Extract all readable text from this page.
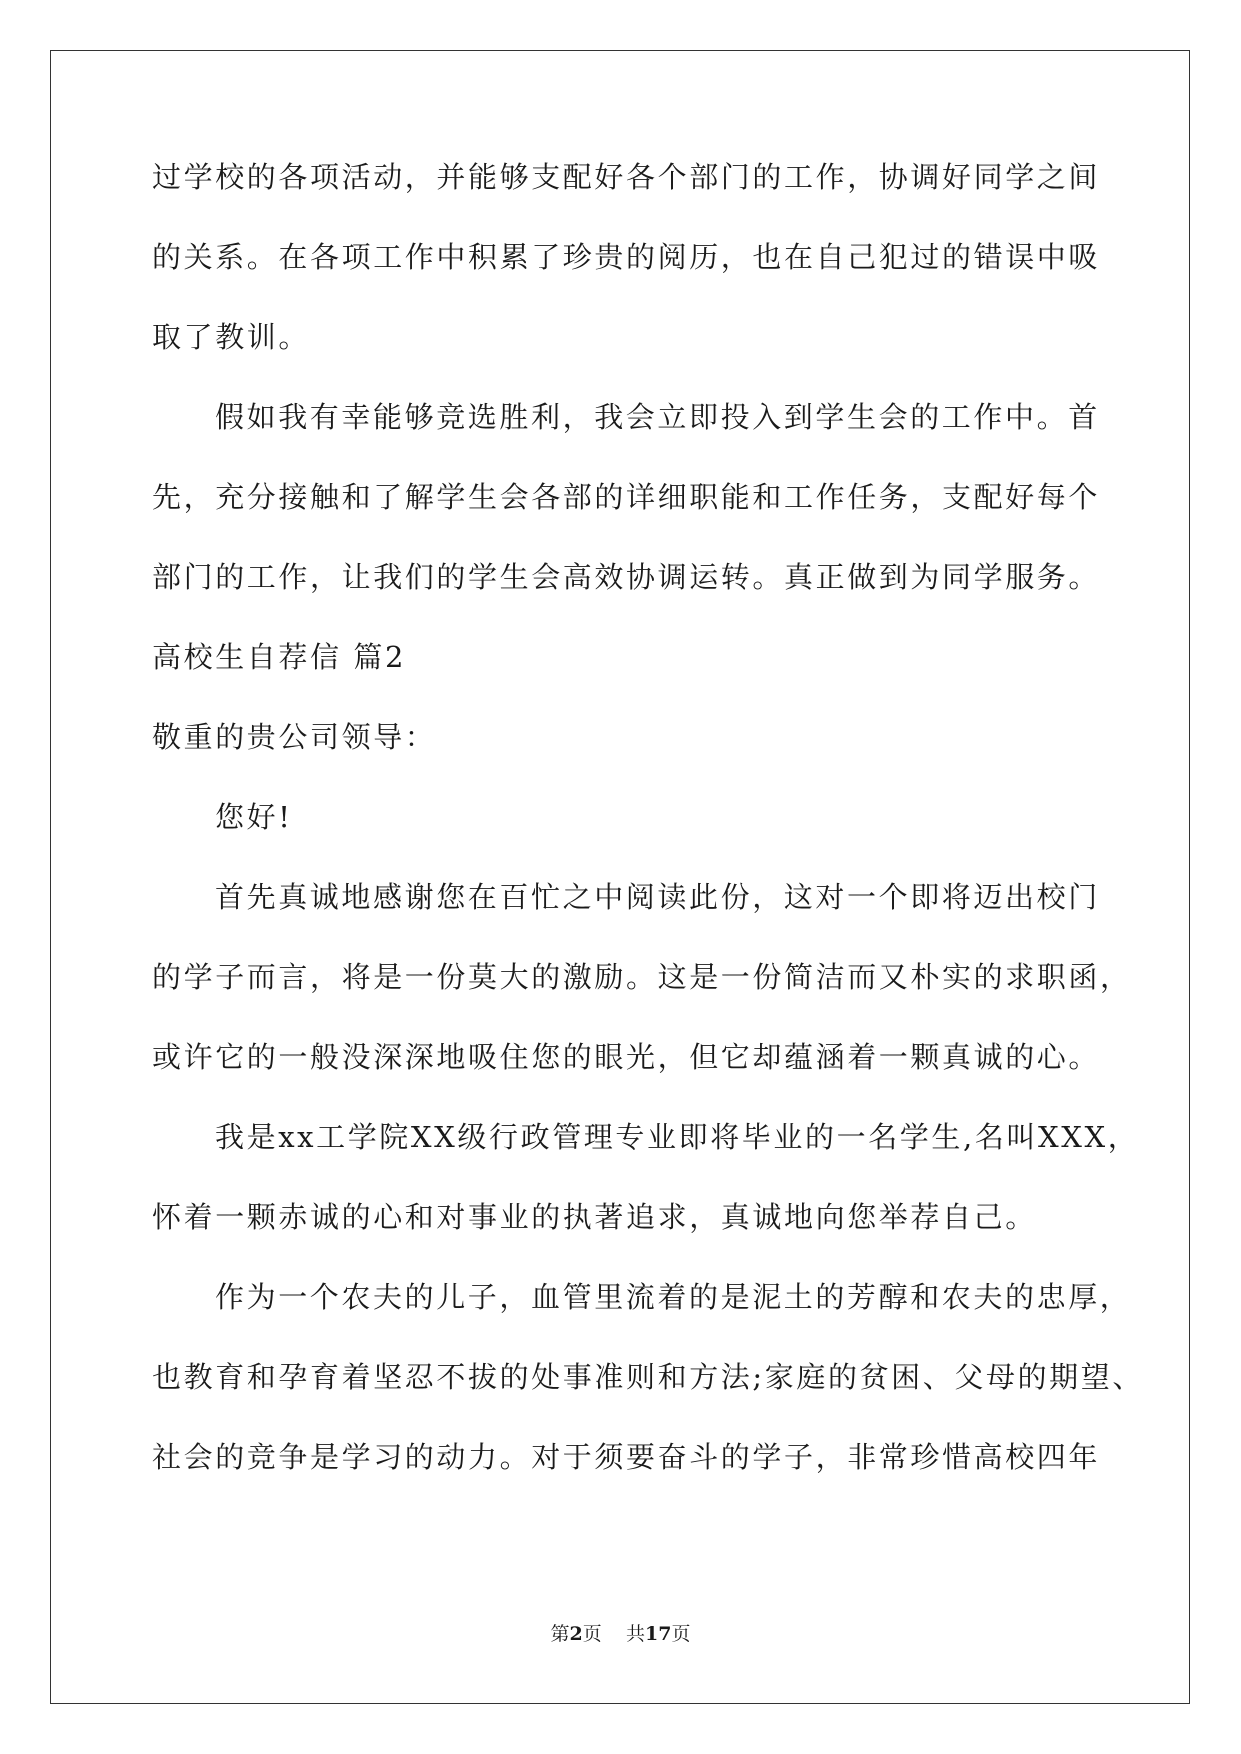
过学校的各项活动，并能够支配好各个部门的工作，协调好同学之间
的关系。在各项工作中积累了珍贵的阅历，也在自己犯过的错误中吸
取了教训。
假如我有幸能够竞选胜利，我会立即投入到学生会的工作中。首
先，充分接触和了解学生会各部的详细职能和工作任务，支配好每个
部门的工作，让我们的学生会高效协调运转。真正做到为同学服务。
高校生自荐信 篇2
敬重的贵公司领导：
您好!
首先真诚地感谢您在百忙之中阅读此份，这对一个即将迈出校门
的学子而言，将是一份莫大的激励。这是一份简洁而又朴实的求职函，
或许它的一般没深深地吸住您的眼光，但它却蕴涵着一颗真诚的心。
我是xx工学院XX级行政管理专业即将毕业的一名学生,名叫XXX，
怀着一颗赤诚的心和对事业的执著追求，真诚地向您举荐自己。
作为一个农夫的儿子，血管里流着的是泥土的芳醇和农夫的忠厚，
也教育和孕育着坚忍不拔的处事准则和方法;家庭的贫困、父母的期望、
社会的竞争是学习的动力。对于须要奋斗的学子，非常珍惜高校四年
第2页 共17页
